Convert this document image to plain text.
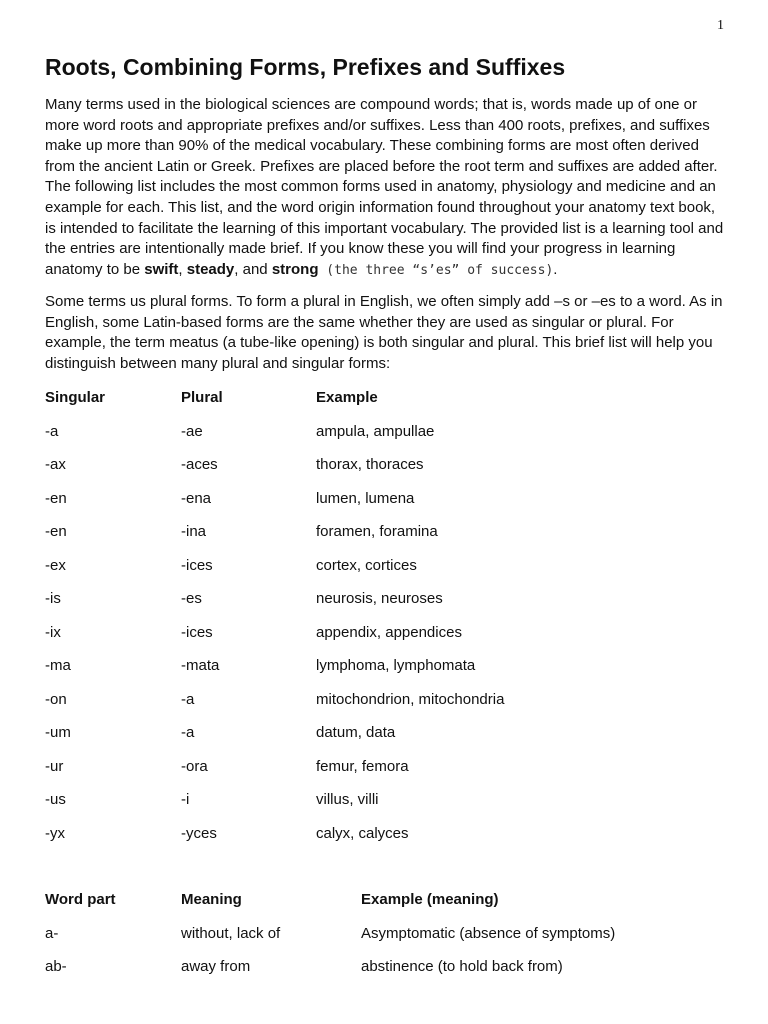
1
Roots, Combining Forms, Prefixes and Suffixes

Many terms used in the biological sciences are compound words; that is, words made up of one or more word roots and appropriate prefixes and/or suffixes. Less than 400 roots, prefixes, and suffixes make up more than 90% of the medical vocabulary. These combining forms are most often derived from the ancient Latin or Greek. Prefixes are placed before the root term and suffixes are added after. The following list includes the most common forms used in anatomy, physiology and medicine and an example for each. This list, and the word origin information found throughout your anatomy text book, is intended to facilitate the learning of this important vocabulary. The provided list is a learning tool and the entries are intentionally made brief. If you know these you will find your progress in learning anatomy to be swift, steady, and strong (the three “s’es” of success).

Some terms us plural forms. To form a plural in English, we often simply add –s or –es to a word. As in English, some Latin-based forms are the same whether they are used as singular or plural. For example, the term meatus (a tube-like opening) is both singular and plural. This brief list will help you distinguish between many plural and singular forms:

Singular	Plural	Example
-a	-ae	ampula, ampullae
-ax	-aces	thorax, thoraces
-en	-ena	lumen, lumena
-en	-ina	foramen, foramina
-ex	-ices	cortex, cortices
-is	-es	neurosis, neuroses
-ix	-ices	appendix, appendices
-ma	-mata	lymphoma, lymphomata
-on	-a	mitochondrion, mitochondria
-um	-a	datum, data
-ur	-ora	femur, femora
-us	-i	villus, villi
-yx	-yces	calyx, calyces
Word part	Meaning	Example (meaning)
a-	without, lack of	Asymptomatic (absence of symptoms)
ab-	away from	abstinence (to hold back from)
